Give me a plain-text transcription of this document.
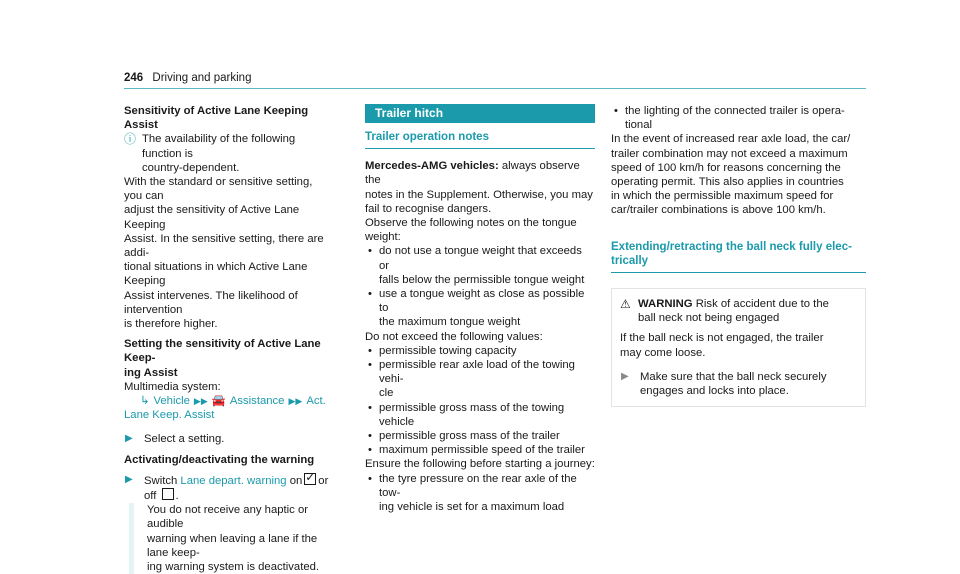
246 Driving and parking

Sensitivity of Active Lane Keeping Assist

ⓘ The availability of the following function is

country-dependent.

With the standard or sensitive setting, you can

adjust the sensitivity of Active Lane Keeping

Assist. In the sensitive setting, there are addi-

tional situations in which Active Lane Keeping

Assist intervenes. The likelihood of intervention

is therefore higher.

Setting the sensitivity of Active Lane Keep-

ing Assist

Multimedia system:

↳ Vehicle ▶▶ 🚘 Assistance ▶▶ Act.

Lane Keep. Assist

▶ Select a setting.

Activating/deactivating the warning

▶ Switch Lane depart. warning on✓ or off .

You do not receive any haptic or audible

warning when leaving a lane if the lane keep-

ing warning system is deactivated.

Trailer hitch
Trailer operation notes

Mercedes-AMG vehicles: always observe the

notes in the Supplement. Otherwise, you may

fail to recognise dangers.

Observe the following notes on the tongue

weight:

• do not use a tongue weight that exceeds or

falls below the permissible tongue weight

• use a tongue weight as close as possible to

the maximum tongue weight

Do not exceed the following values:

• permissible towing capacity

• permissible rear axle load of the towing vehi-

cle

• permissible gross mass of the towing vehicle

• permissible gross mass of the trailer

• maximum permissible speed of the trailer

Ensure the following before starting a journey:

• the tyre pressure on the rear axle of the tow-

ing vehicle is set for a maximum load

• the lighting of the connected trailer is opera-

tional

In the event of increased rear axle load, the car/

trailer combination may not exceed a maximum

speed of 100 km/h for reasons concerning the

operating permit. This also applies in countries

in which the permissible maximum speed for

car/trailer combinations is above 100 km/h.

Extending/retracting the ball neck fully elec-

trically

⚠ WARNING Risk of accident due to the

ball neck not being engaged

If the ball neck is not engaged, the trailer

may come loose.

▶ Make sure that the ball neck securely

engages and locks into place.
